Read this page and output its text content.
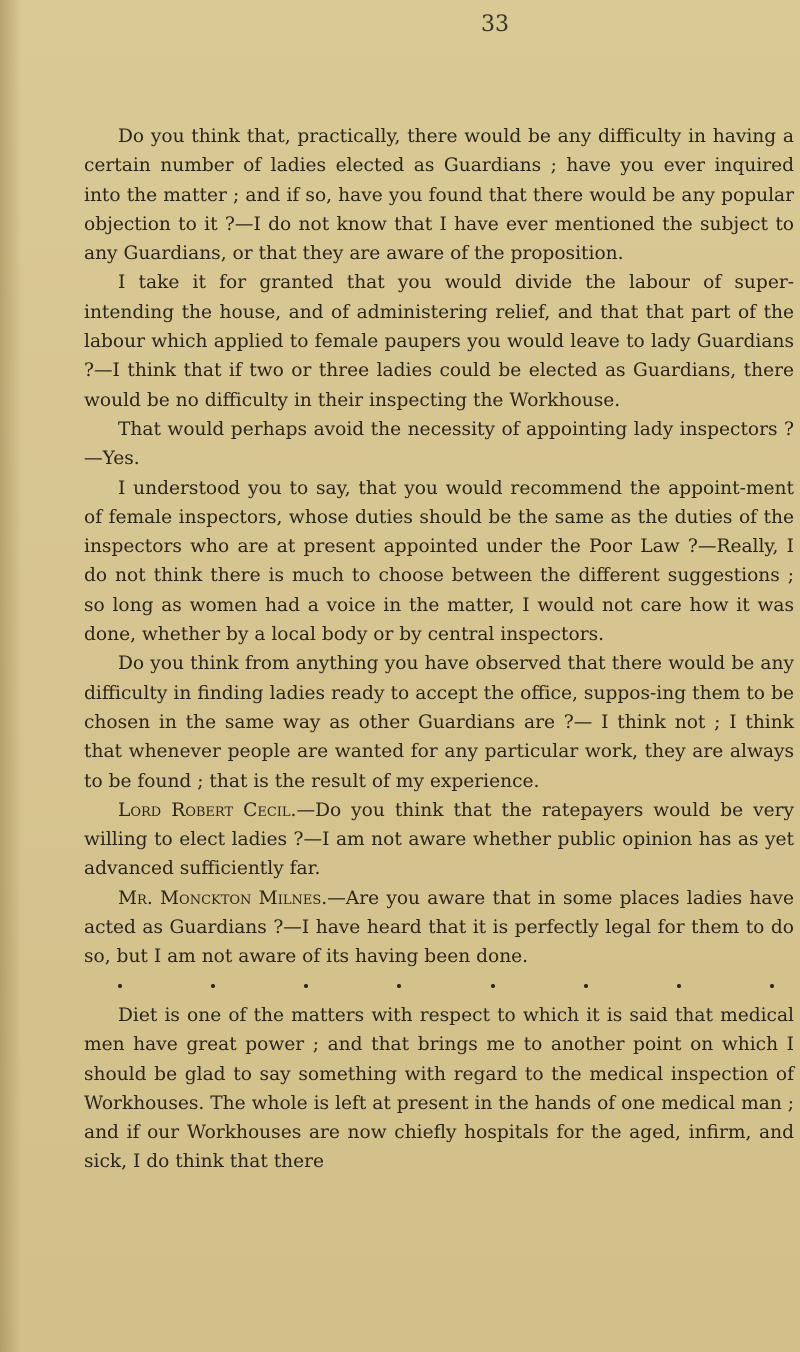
33

Do you think that, practically, there would be any difficulty in having a certain number of ladies elected as Guardians ; have you ever inquired into the matter ; and if so, have you found that there would be any popular objection to it ?—I do not know that I have ever mentioned the subject to any Guardians, or that they are aware of the proposition.

I take it for granted that you would divide the labour of super-intending the house, and of administering relief, and that that part of the labour which applied to female paupers you would leave to lady Guardians ?—I think that if two or three ladies could be elected as Guardians, there would be no difficulty in their inspecting the Workhouse.

That would perhaps avoid the necessity of appointing lady inspectors ?—Yes.

I understood you to say, that you would recommend the appoint-ment of female inspectors, whose duties should be the same as the duties of the inspectors who are at present appointed under the Poor Law ?—Really, I do not think there is much to choose between the different suggestions ; so long as women had a voice in the matter, I would not care how it was done, whether by a local body or by central inspectors.

Do you think from anything you have observed that there would be any difficulty in finding ladies ready to accept the office, suppos-ing them to be chosen in the same way as other Guardians are ?— I think not ; I think that whenever people are wanted for any particular work, they are always to be found ; that is the result of my experience.

Lord Robert Cecil.—Do you think that the ratepayers would be very willing to elect ladies ?—I am not aware whether public opinion has as yet advanced sufficiently far.

Mr. Monckton Milnes.—Are you aware that in some places ladies have acted as Guardians ?—I have heard that it is perfectly legal for them to do so, but I am not aware of its having been done.

Diet is one of the matters with respect to which it is said that medical men have great power ; and that brings me to another point on which I should be glad to say something with regard to the medical inspection of Workhouses. The whole is left at present in the hands of one medical man ; and if our Workhouses are now chiefly hospitals for the aged, infirm, and sick, I do think that there
